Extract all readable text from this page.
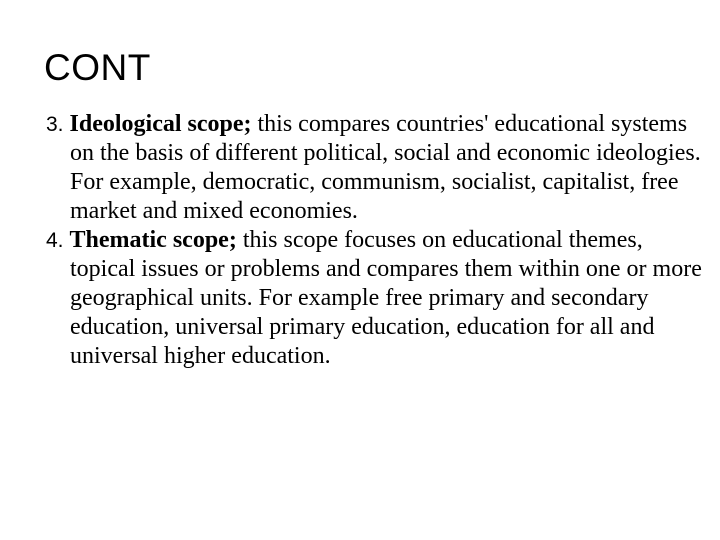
CONT
3. Ideological scope; this compares countries' educational systems on the basis of different political, social and economic ideologies. For example, democratic, communism, socialist, capitalist, free market and mixed economies.
4. Thematic scope; this scope focuses on educational themes, topical issues or problems and compares them within one or more geographical units. For example free primary and secondary education, universal primary education, education for all and universal higher education.
